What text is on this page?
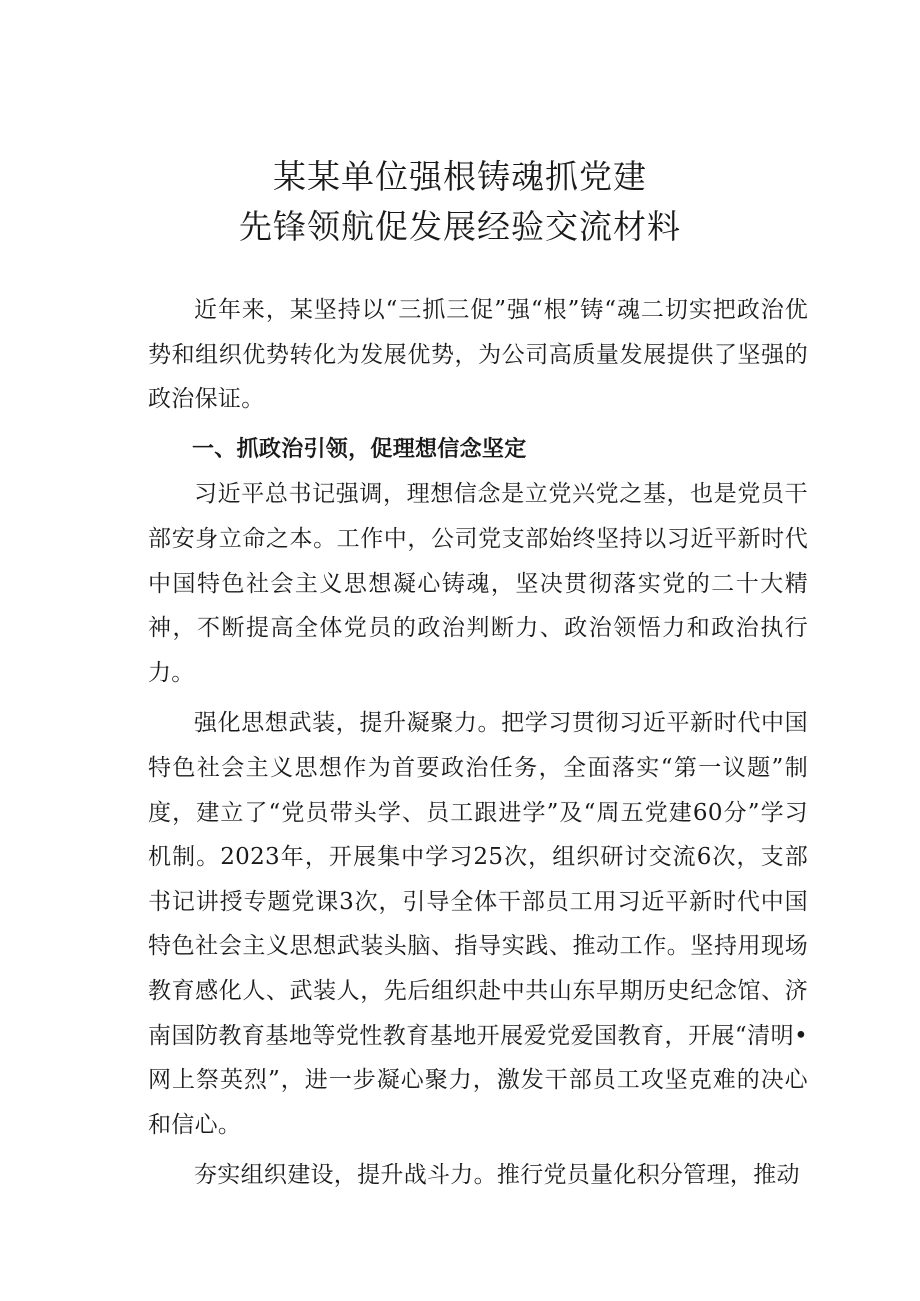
某某单位强根铸魂抓党建

先锋领航促发展经验交流材料

近年来，某坚持以“三抓三促”强“根”铸“魂二切实把政治优势和组织优势转化为发展优势，为公司高质量发展提供了坚强的政治保证。

一、抓政治引领，促理想信念坚定

习近平总书记强调，理想信念是立党兴党之基，也是党员干部安身立命之本。工作中，公司党支部始终坚持以习近平新时代中国特色社会主义思想凝心铸魂，坚决贯彻落实党的二十大精神，不断提高全体党员的政治判断力、政治领悟力和政治执行力。

强化思想武装，提升凝聚力。把学习贯彻习近平新时代中国特色社会主义思想作为首要政治任务，全面落实“第一议题”制度，建立了“党员带头学、员工跟进学”及“周五党建60分”学习机制。2023年，开展集中学习25次，组织研讨交流6次，支部书记讲授专题党课3次，引导全体干部员工用习近平新时代中国特色社会主义思想武装头脑、指导实践、推动工作。坚持用现场教育感化人、武装人，先后组织赴中共山东早期历史纪念馆、济南国防教育基地等党性教育基地开展爱党爱国教育，开展“清明•网上祭英烈”，进一步凝心聚力，激发干部员工攻坚克难的决心和信心。

夯实组织建设，提升战斗力。推行党员量化积分管理，推动
